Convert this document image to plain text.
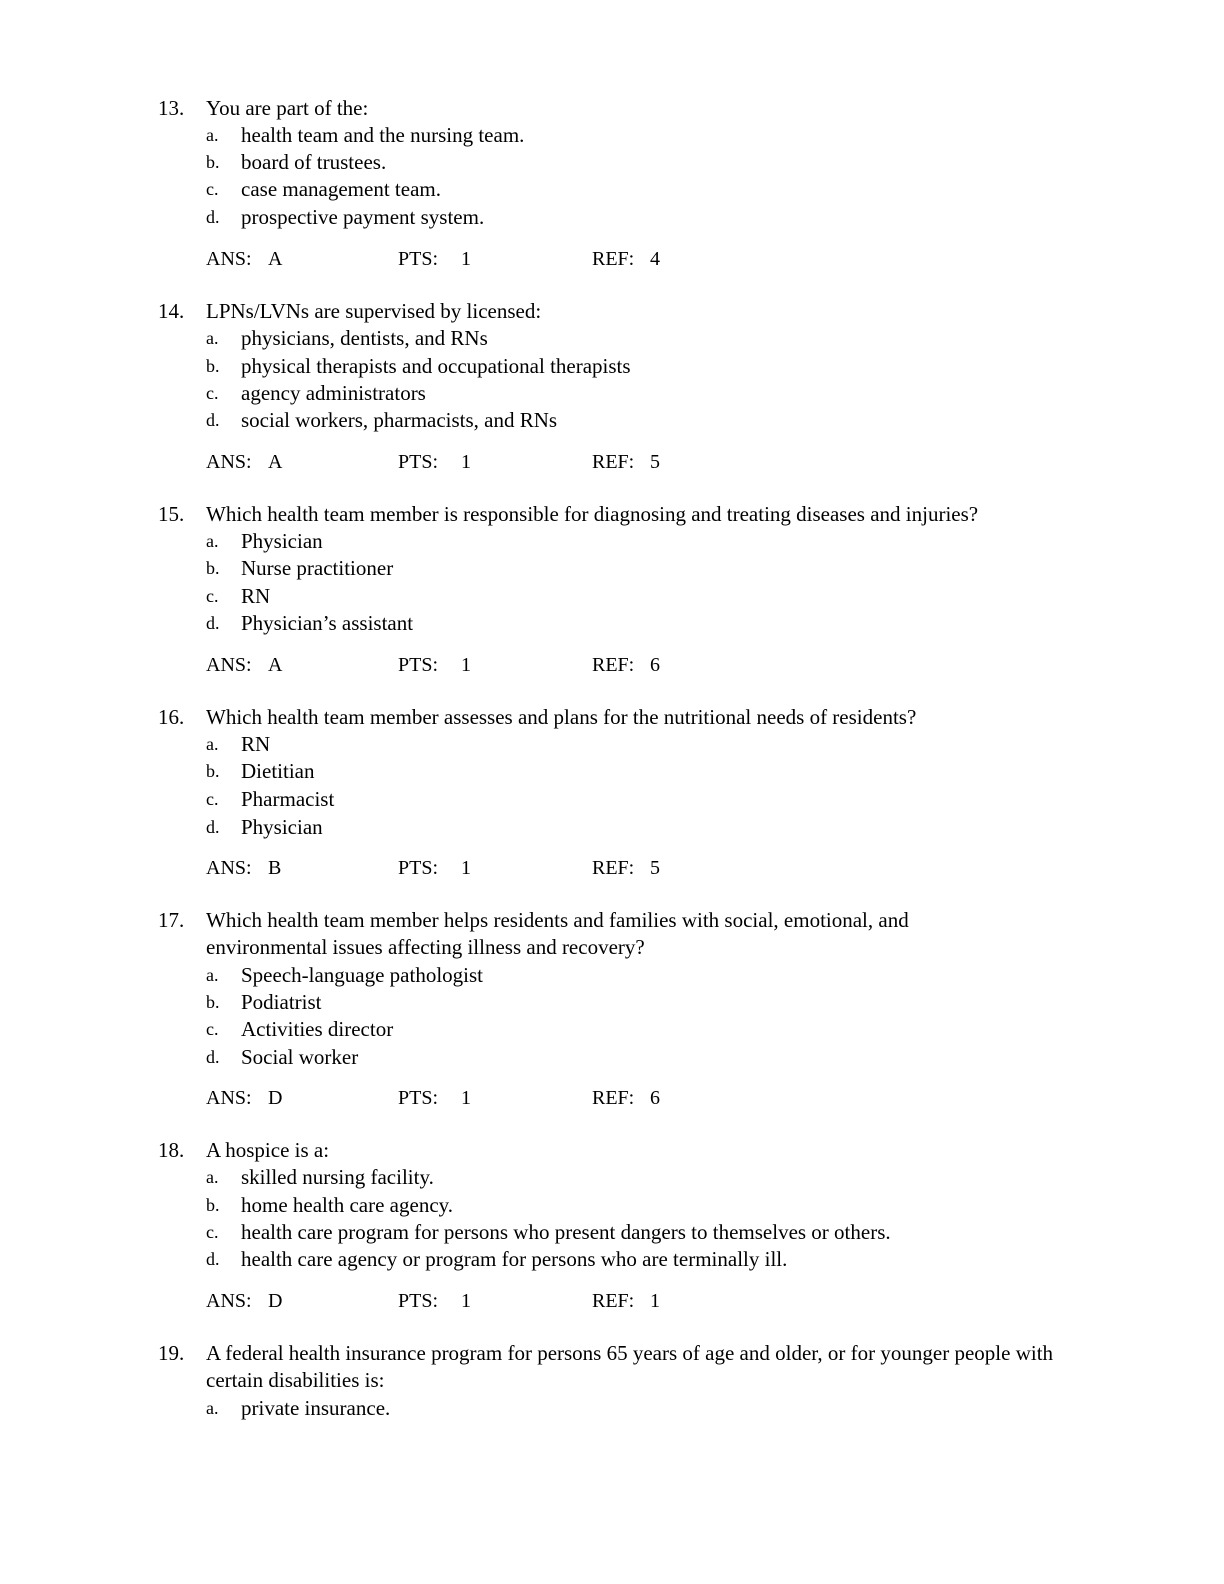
13.	You are part of the:
a. health team and the nursing team.
b. board of trustees.
c. case management team.
d. prospective payment system.
ANS: A	PTS: 1	REF: 4
14.	LPNs/LVNs are supervised by licensed:
a. physicians, dentists, and RNs
b. physical therapists and occupational therapists
c. agency administrators
d. social workers, pharmacists, and RNs
ANS: A	PTS: 1	REF: 5
15.	Which health team member is responsible for diagnosing and treating diseases and injuries?
a. Physician
b. Nurse practitioner
c. RN
d. Physician’s assistant
ANS: A	PTS: 1	REF: 6
16.	Which health team member assesses and plans for the nutritional needs of residents?
a. RN
b. Dietitian
c. Pharmacist
d. Physician
ANS: B	PTS: 1	REF: 5
17.	Which health team member helps residents and families with social, emotional, and environmental issues affecting illness and recovery?
a. Speech-language pathologist
b. Podiatrist
c. Activities director
d. Social worker
ANS: D	PTS: 1	REF: 6
18.	A hospice is a:
a. skilled nursing facility.
b. home health care agency.
c. health care program for persons who present dangers to themselves or others.
d. health care agency or program for persons who are terminally ill.
ANS: D	PTS: 1	REF: 1
19.	A federal health insurance program for persons 65 years of age and older, or for younger people with certain disabilities is:
a. private insurance.
